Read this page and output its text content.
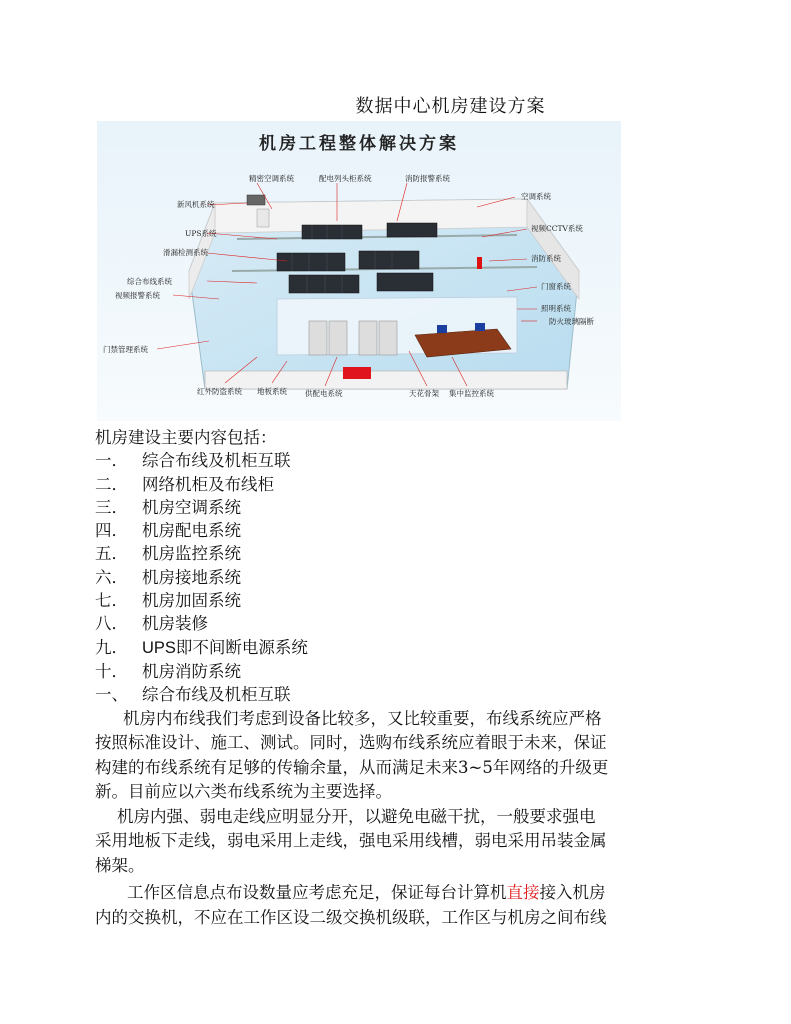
数据中心机房建设方案
机房工程整体解决方案
精密空调系统	配电列头柜系统	消防报警系统
新风机系统
空调系统
UPS系统
视频CCTV系统
滑漏检测系统
消防系统
综合布线系统
门窗系统
视频报警系统
照明系统
防火玻璃隔断
门禁管理系统
红外防盗系统 地板系统 供配电系统	天花骨架 集中监控系统
机房建设主要内容包括：
一． 综合布线及机柜互联
二． 网络机柜及布线柜
三． 机房空调系统
四． 机房配电系统
五． 机房监控系统
六． 机房接地系统
七． 机房加固系统
八． 机房装修
九． UPS即不间断电源系统
十． 机房消防系统
一、 综合布线及机柜互联
机房内布线我们考虑到设备比较多，又比较重要，布线系统应严格
按照标准设计、施工、测试。同时，选购布线系统应着眼于未来，保证
构建的布线系统有足够的传输余量，从而满足未来3~5年网络的升级更
新。目前应以六类布线系统为主要选择。
机房内强、弱电走线应明显分开，以避免电磁干扰，一般要求强电
采用地板下走线，弱电采用上走线，强电采用线槽，弱电采用吊装金属
梯架。
工作区信息点布设数量应考虑充足，保证每台计算机直接接入机房
内的交换机，不应在工作区设二级交换机级联，工作区与机房之间布线
